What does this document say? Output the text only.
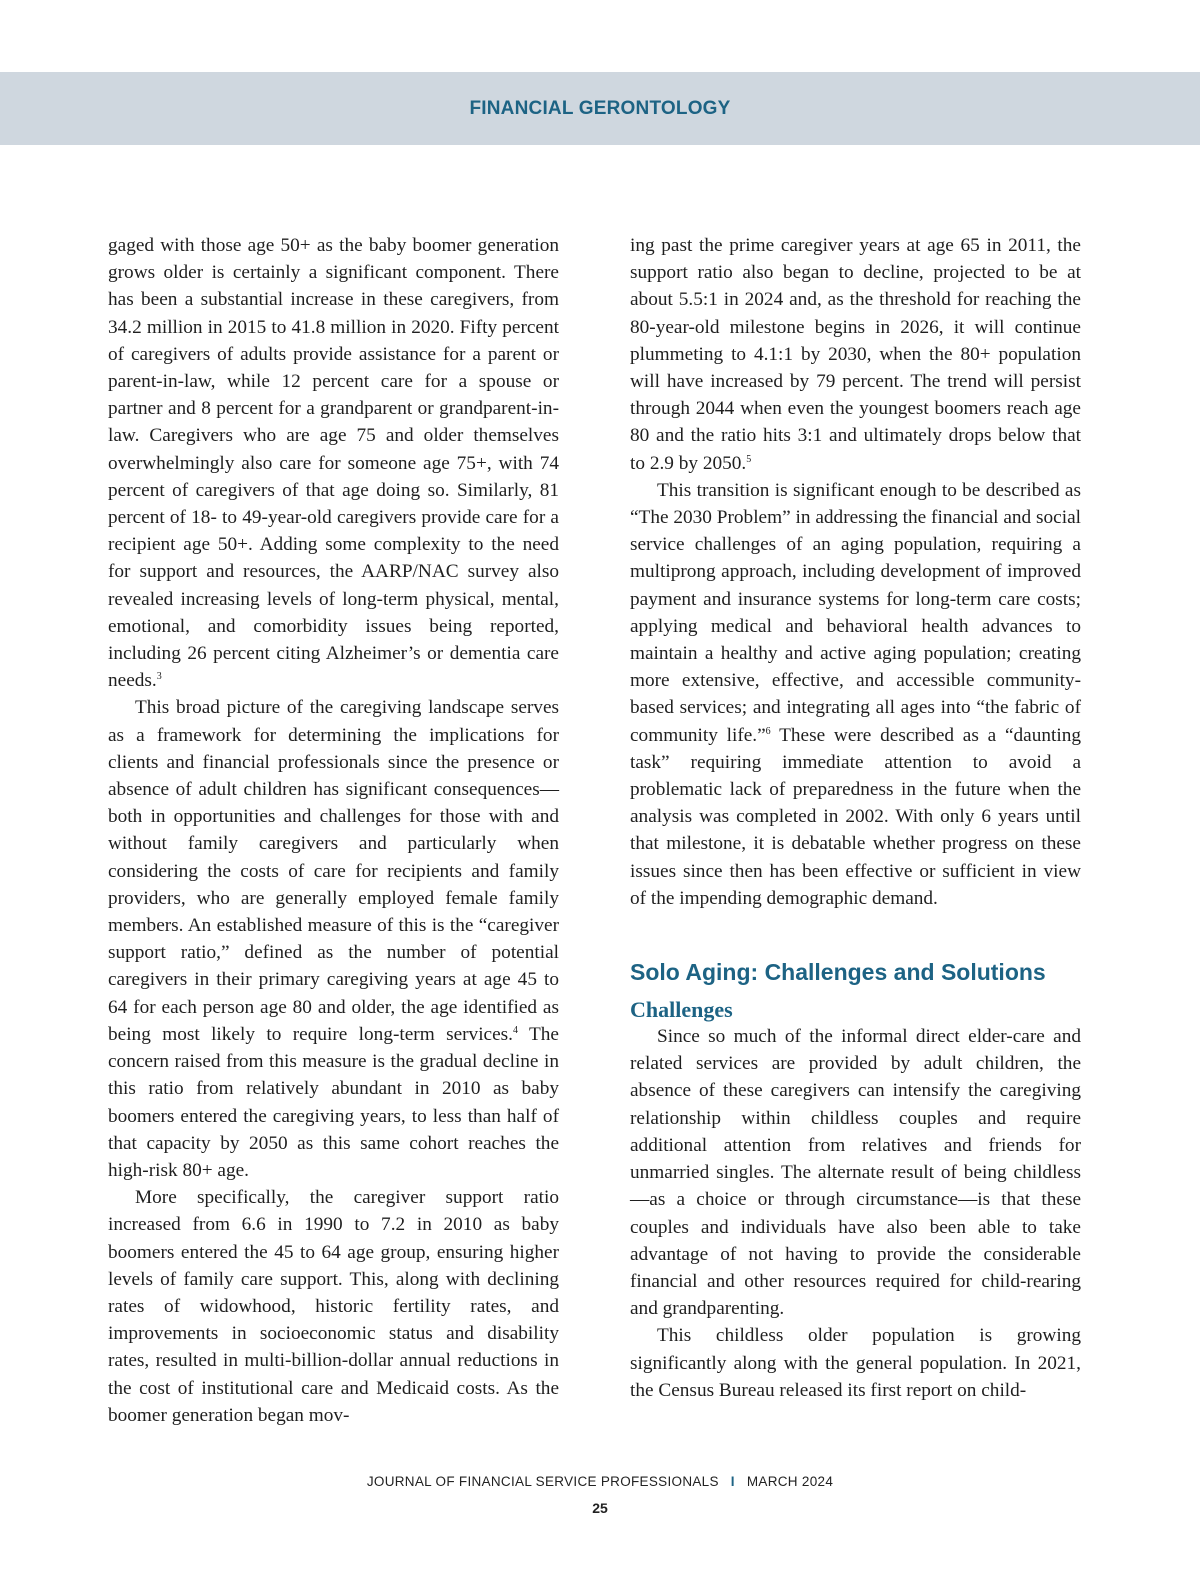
FINANCIAL GERONTOLOGY

gaged with those age 50+ as the baby boomer generation grows older is certainly a significant component. There has been a substantial increase in these caregivers, from 34.2 million in 2015 to 41.8 million in 2020. Fifty percent of caregivers of adults provide assistance for a parent or parent-in-law, while 12 percent care for a spouse or partner and 8 percent for a grandparent or grandparent-in-law. Caregivers who are age 75 and older themselves overwhelmingly also care for someone age 75+, with 74 percent of caregivers of that age doing so. Similarly, 81 percent of 18- to 49-year-old caregivers provide care for a recipient age 50+. Adding some complexity to the need for support and resources, the AARP/NAC survey also revealed increasing levels of long-term physical, mental, emotional, and comorbidity issues being reported, including 26 percent citing Alzheimer’s or dementia care needs.$^3$

This broad picture of the caregiving landscape serves as a framework for determining the implications for clients and financial professionals since the presence or absence of adult children has significant consequences—both in opportunities and challenges for those with and without family caregivers and particularly when considering the costs of care for recipients and family providers, who are generally employed female family members. An established measure of this is the “caregiver support ratio,” defined as the number of potential caregivers in their primary caregiving years at age 45 to 64 for each person age 80 and older, the age identified as being most likely to require long-term services.$^4$ The concern raised from this measure is the gradual decline in this ratio from relatively abundant in 2010 as baby boomers entered the caregiving years, to less than half of that capacity by 2050 as this same cohort reaches the high-risk 80+ age.

More specifically, the caregiver support ratio increased from 6.6 in 1990 to 7.2 in 2010 as baby boomers entered the 45 to 64 age group, ensuring higher levels of family care support. This, along with declining rates of widowhood, historic fertility rates, and improvements in socioeconomic status and disability rates, resulted in multi-billion-dollar annual reductions in the cost of institutional care and Medicaid costs. As the boomer generation began mov-

ing past the prime caregiver years at age 65 in 2011, the support ratio also began to decline, projected to be at about 5.5:1 in 2024 and, as the threshold for reaching the 80-year-old milestone begins in 2026, it will continue plummeting to 4.1:1 by 2030, when the 80+ population will have increased by 79 percent. The trend will persist through 2044 when even the youngest boomers reach age 80 and the ratio hits 3:1 and ultimately drops below that to 2.9 by 2050.$^5$

This transition is significant enough to be described as “The 2030 Problem” in addressing the financial and social service challenges of an aging population, requiring a multiprong approach, including development of improved payment and insurance systems for long-term care costs; applying medical and behavioral health advances to maintain a healthy and active aging population; creating more extensive, effective, and accessible community-based services; and integrating all ages into “the fabric of community life.”$^6$ These were described as a “daunting task” requiring immediate attention to avoid a problematic lack of preparedness in the future when the analysis was completed in 2002. With only 6 years until that milestone, it is debatable whether progress on these issues since then has been effective or sufficient in view of the impending demographic demand.

Solo Aging: Challenges and Solutions
Challenges

Since so much of the informal direct elder-care and related services are provided by adult children, the absence of these caregivers can intensify the caregiving relationship within childless couples and require additional attention from relatives and friends for unmarried singles. The alternate result of being childless—as a choice or through circumstance—is that these couples and individuals have also been able to take advantage of not having to provide the considerable financial and other resources required for child-rearing and grandparenting.

This childless older population is growing significantly along with the general population. In 2021, the Census Bureau released its first report on child-

JOURNAL OF FINANCIAL SERVICE PROFESSIONALS I MARCH 2024
25
